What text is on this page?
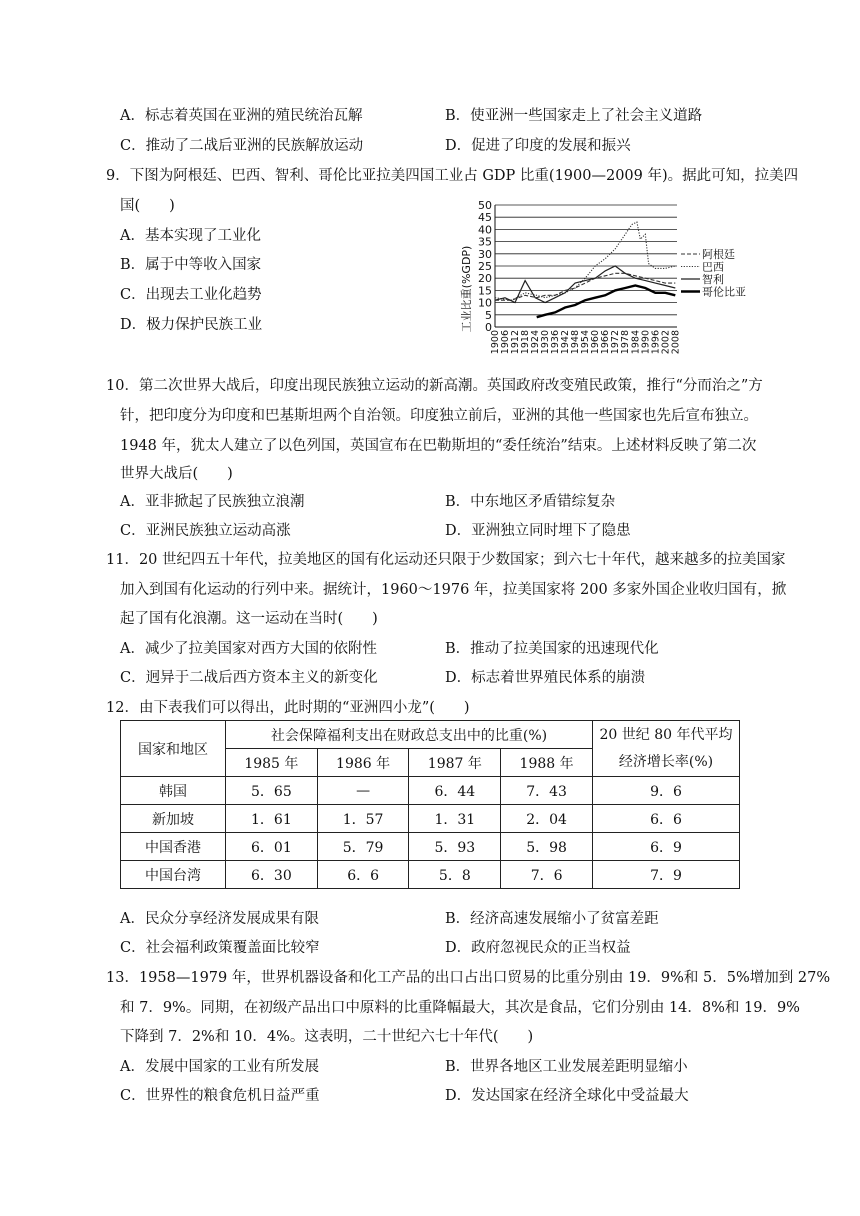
A．标志着英国在亚洲的殖民统治瓦解	B．使亚洲一些国家走上了社会主义道路
C．推动了二战后亚洲的民族解放运动	D．促进了印度的发展和振兴
9．下图为阿根廷、巴西、智利、哥伦比亚拉美四国工业占 GDP 比重(1900—2009 年)。据此可知，拉美四
国(　　)
A．基本实现了工业化
B．属于中等收入国家
C．出现去工业化趋势
D．极力保护民族工业	0
5
10
15
20
25
30
35
40
45
50
1900 1906 1912 1918 1924 1930 1936 1942 1948 1954 1960 1966 1972 1978 1984 1990 1996 2002 2008
阿根廷
巴西
智利
哥伦比亚
工业比重(%GDP)
10．第二次世界大战后，印度出现民族独立运动的新高潮。英国政府改变殖民政策，推行“分而治之”方
针，把印度分为印度和巴基斯坦两个自治领。印度独立前后，亚洲的其他一些国家也先后宣布独立。
1948 年，犹太人建立了以色列国，英国宣布在巴勒斯坦的“委任统治”结束。上述材料反映了第二次
世界大战后(　　)
A．亚非掀起了民族独立浪潮	B．中东地区矛盾错综复杂
C．亚洲民族独立运动高涨	D．亚洲独立同时埋下了隐患
11．20 世纪四五十年代，拉美地区的国有化运动还只限于少数国家；到六七十年代，越来越多的拉美国家
加入到国有化运动的行列中来。据统计，1960～1976 年，拉美国家将 200 多家外国企业收归国有，掀
起了国有化浪潮。这一运动在当时(　　)
A．减少了拉美国家对西方大国的依附性	B．推动了拉美国家的迅速现代化
C．迥异于二战后西方资本主义的新变化	D．标志着世界殖民体系的崩溃
12．由下表我们可以得出，此时期的“亚洲四小龙”(　　)
国家和地区	社会保障福利支出在财政总支出中的比重(%)				20 世纪 80 年代平均
经济增长率(%)

	1985 年	1986 年	1987 年	1988 年	
韩国	5．65	—	6．44	7．43	9．6
新加坡	1．61	1．57	1．31	2．04	6．6
中国香港	6．01	5．79	5．93	5．98	6．9
中国台湾	6．30	6．6	5．8	7．6	7．9
A．民众分享经济发展成果有限	B．经济高速发展缩小了贫富差距
C．社会福利政策覆盖面比较窄	D．政府忽视民众的正当权益
13．1958—1979 年，世界机器设备和化工产品的出口占出口贸易的比重分别由 19．9%和 5．5%增加到 27%
和 7．9%。同期，在初级产品出口中原料的比重降幅最大，其次是食品，它们分别由 14．8%和 19．9%
下降到 7．2%和 10．4%。这表明，二十世纪六七十年代(　　)
A．发展中国家的工业有所发展	B．世界各地区工业发展差距明显缩小
C．世界性的粮食危机日益严重	D．发达国家在经济全球化中受益最大
